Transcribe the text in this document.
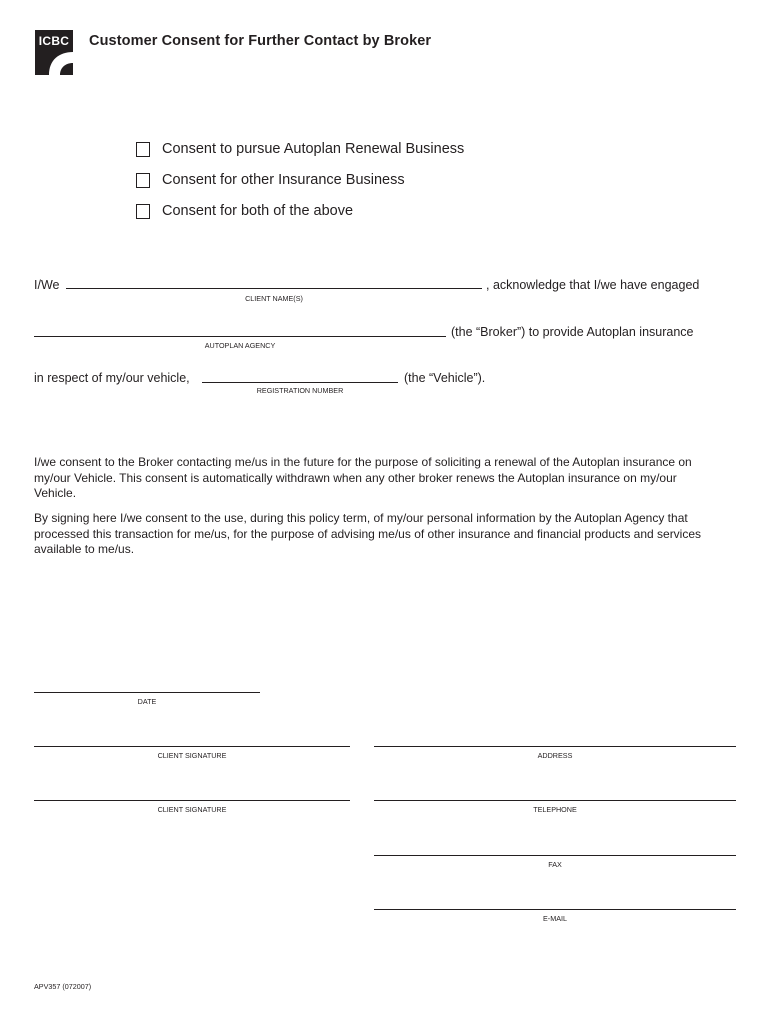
ICBC Customer Consent for Further Contact by Broker
Consent to pursue Autoplan Renewal Business
Consent for other Insurance Business
Consent for both of the above
I/We	, acknowledge that I/we have engaged
CLIENT NAME(S)
(the “Broker”) to provide Autoplan insurance
AUTOPLAN AGENCY
in respect of my/our vehicle,	(the “Vehicle”).
REGISTRATION NUMBER
I/we consent to the Broker contacting me/us in the future for the purpose of soliciting a renewal of the Autoplan insurance on my/our Vehicle. This consent is automatically withdrawn when any other broker renews the Autoplan insurance on my/our Vehicle.
By signing here I/we consent to the use, during this policy term, of my/our personal information by the Autoplan Agency that processed this transaction for me/us, for the purpose of advising me/us of other insurance and financial products and services available to me/us.
DATE
CLIENT SIGNATURE
CLIENT SIGNATURE
ADDRESS
TELEPHONE
FAX
E-MAIL
APV357 (072007)
